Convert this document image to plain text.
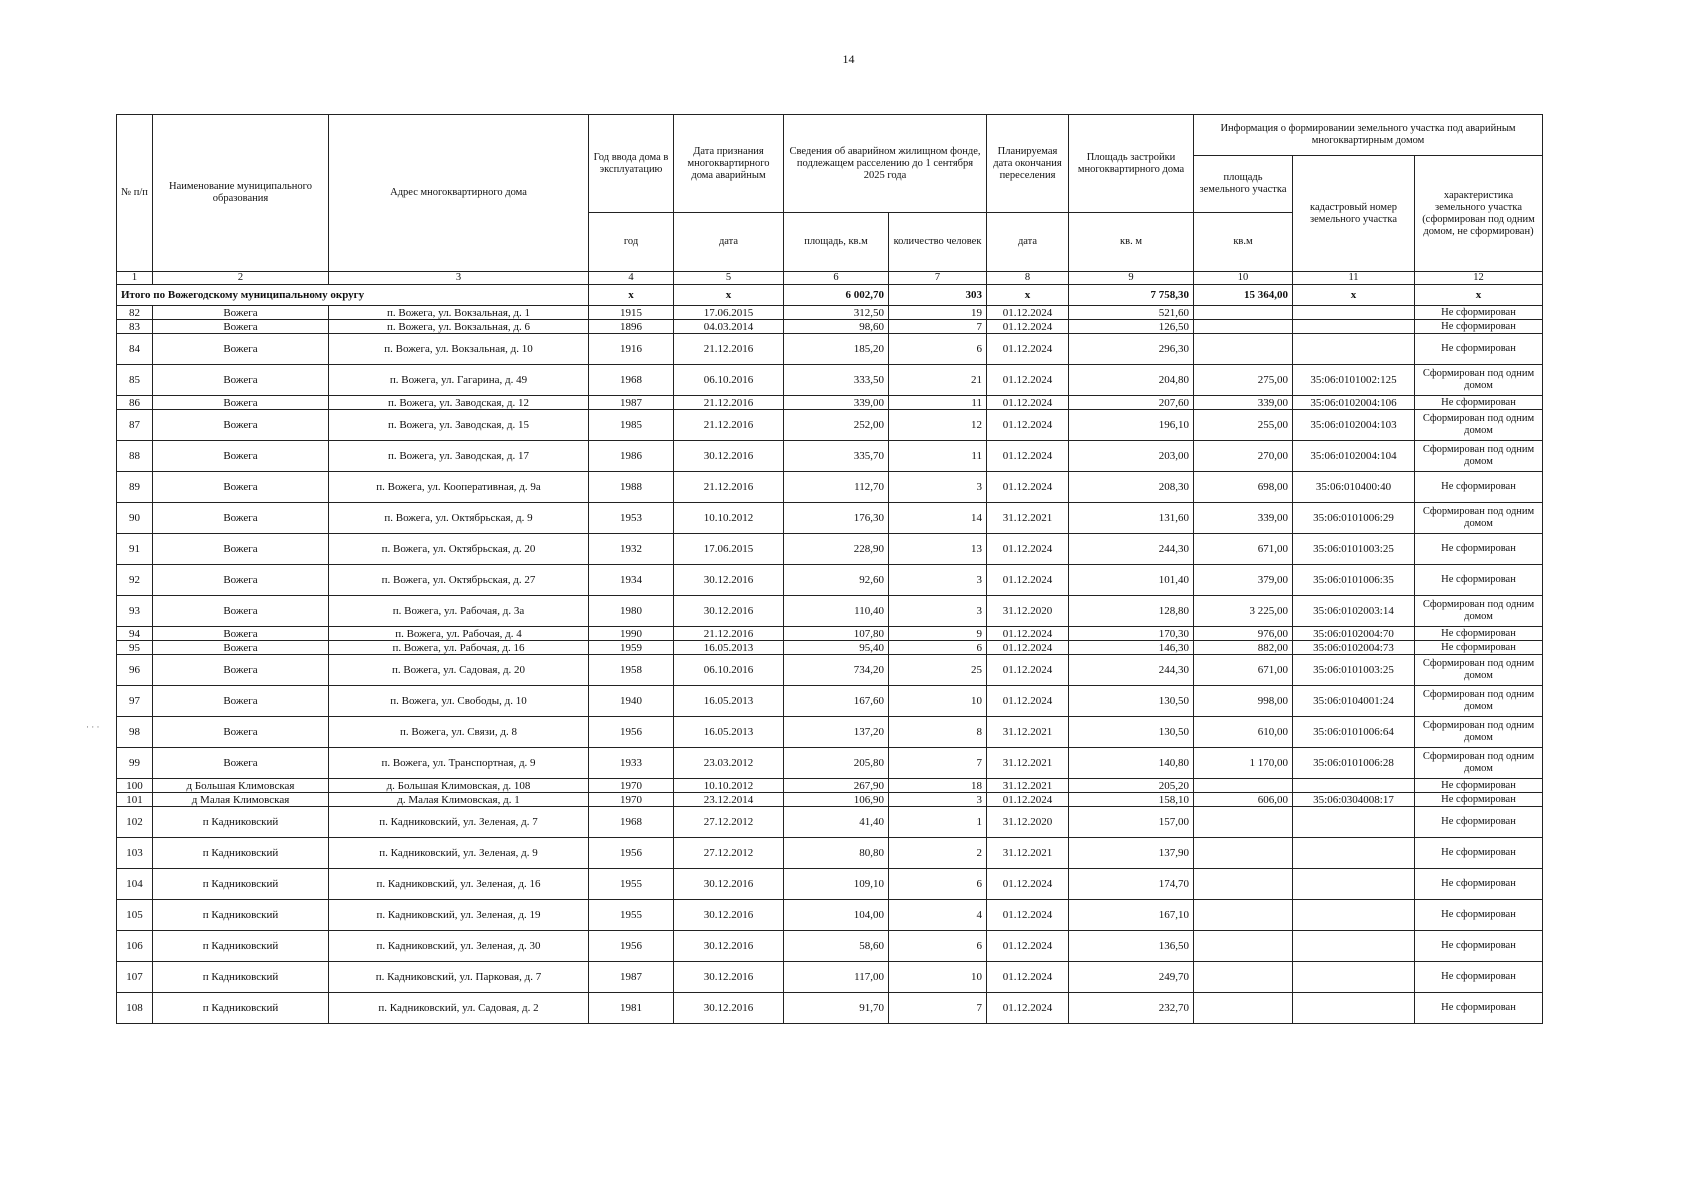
14
№ п/п	Наименование муниципального образования	Адрес многоквартирного дома	Год ввода дома в эксплуатацию	Дата признания многоквартирного дома аварийным	Сведения об аварийном жилищном фонде, подлежащем расселению до 1 сентября 2025 года		Планируемая дата окончания переселения	Площадь застройки многоквартирного дома	Информация о формировании земельного участка под аварийным многоквартирным домом		
									площадь земельного участка	кадастровый номер земельного участка	характеристика земельного участка (сформирован под одним домом, не сформирован)
			год	дата	площадь, кв.м	количество человек	дата	кв. м	кв.м		
1	2	3	4	5	6	7	8	9	10	11	12
Итого по Вожегодскому муниципальному округу			x	x	6 002,70	303	x	7 758,30	15 364,00	x	x
82	Вожега	п. Вожега, ул. Вокзальная, д. 1	1915	17.06.2015	312,50	19	01.12.2024	521,60			Не сформирован
83	Вожега	п. Вожега, ул. Вокзальная, д. 6	1896	04.03.2014	98,60	7	01.12.2024	126,50			Не сформирован
84	Вожега	п. Вожега, ул. Вокзальная, д. 10	1916	21.12.2016	185,20	6	01.12.2024	296,30			Не сформирован
85	Вожега	п. Вожега, ул. Гагарина, д. 49	1968	06.10.2016	333,50	21	01.12.2024	204,80	275,00	35:06:0101002:125	Сформирован под одним домом
86	Вожега	п. Вожега, ул. Заводская, д. 12	1987	21.12.2016	339,00	11	01.12.2024	207,60	339,00	35:06:0102004:106	Не сформирован
87	Вожега	п. Вожега, ул. Заводская, д. 15	1985	21.12.2016	252,00	12	01.12.2024	196,10	255,00	35:06:0102004:103	Сформирован под одним домом
88	Вожега	п. Вожега, ул. Заводская, д. 17	1986	30.12.2016	335,70	11	01.12.2024	203,00	270,00	35:06:0102004:104	Сформирован под одним домом
89	Вожега	п. Вожега, ул. Кооперативная, д. 9а	1988	21.12.2016	112,70	3	01.12.2024	208,30	698,00	35:06:010400:40	Не сформирован
90	Вожега	п. Вожега, ул. Октябрьская, д. 9	1953	10.10.2012	176,30	14	31.12.2021	131,60	339,00	35:06:0101006:29	Сформирован под одним домом
91	Вожега	п. Вожега, ул. Октябрьская, д. 20	1932	17.06.2015	228,90	13	01.12.2024	244,30	671,00	35:06:0101003:25	Не сформирован
92	Вожега	п. Вожега, ул. Октябрьская, д. 27	1934	30.12.2016	92,60	3	01.12.2024	101,40	379,00	35:06:0101006:35	Не сформирован
93	Вожега	п. Вожега, ул. Рабочая, д. 3а	1980	30.12.2016	110,40	3	31.12.2020	128,80	3 225,00	35:06:0102003:14	Сформирован под одним домом
94	Вожега	п. Вожега, ул. Рабочая, д. 4	1990	21.12.2016	107,80	9	01.12.2024	170,30	976,00	35:06:0102004:70	Не сформирован
95	Вожега	п. Вожега, ул. Рабочая, д. 16	1959	16.05.2013	95,40	6	01.12.2024	146,30	882,00	35:06:0102004:73	Не сформирован
96	Вожега	п. Вожега, ул. Садовая, д. 20	1958	06.10.2016	734,20	25	01.12.2024	244,30	671,00	35:06:0101003:25	Сформирован под одним домом
97	Вожега	п. Вожега, ул. Свободы, д. 10	1940	16.05.2013	167,60	10	01.12.2024	130,50	998,00	35:06:0104001:24	Сформирован под одним домом
98	Вожега	п. Вожега, ул. Связи, д. 8	1956	16.05.2013	137,20	8	31.12.2021	130,50	610,00	35:06:0101006:64	Сформирован под одним домом
99	Вожега	п. Вожега, ул. Транспортная, д. 9	1933	23.03.2012	205,80	7	31.12.2021	140,80	1 170,00	35:06:0101006:28	Сформирован под одним домом
100	д Большая Климовская	д. Большая Климовская, д. 108	1970	10.10.2012	267,90	18	31.12.2021	205,20			Не сформирован
101	д Малая Климовская	д. Малая Климовская, д. 1	1970	23.12.2014	106,90	3	01.12.2024	158,10	606,00	35:06:0304008:17	Не сформирован
102	п Кадниковский	п. Кадниковский, ул. Зеленая, д. 7	1968	27.12.2012	41,40	1	31.12.2020	157,00			Не сформирован
103	п Кадниковский	п. Кадниковский, ул. Зеленая, д. 9	1956	27.12.2012	80,80	2	31.12.2021	137,90			Не сформирован
104	п Кадниковский	п. Кадниковский, ул. Зеленая, д. 16	1955	30.12.2016	109,10	6	01.12.2024	174,70			Не сформирован
105	п Кадниковский	п. Кадниковский, ул. Зеленая, д. 19	1955	30.12.2016	104,00	4	01.12.2024	167,10			Не сформирован
106	п Кадниковский	п. Кадниковский, ул. Зеленая, д. 30	1956	30.12.2016	58,60	6	01.12.2024	136,50			Не сформирован
107	п Кадниковский	п. Кадниковский, ул. Парковая, д. 7	1987	30.12.2016	117,00	10	01.12.2024	249,70			Не сформирован
108	п Кадниковский	п. Кадниковский, ул. Садовая, д. 2	1981	30.12.2016	91,70	7	01.12.2024	232,70			Не сформирован
· · ·
